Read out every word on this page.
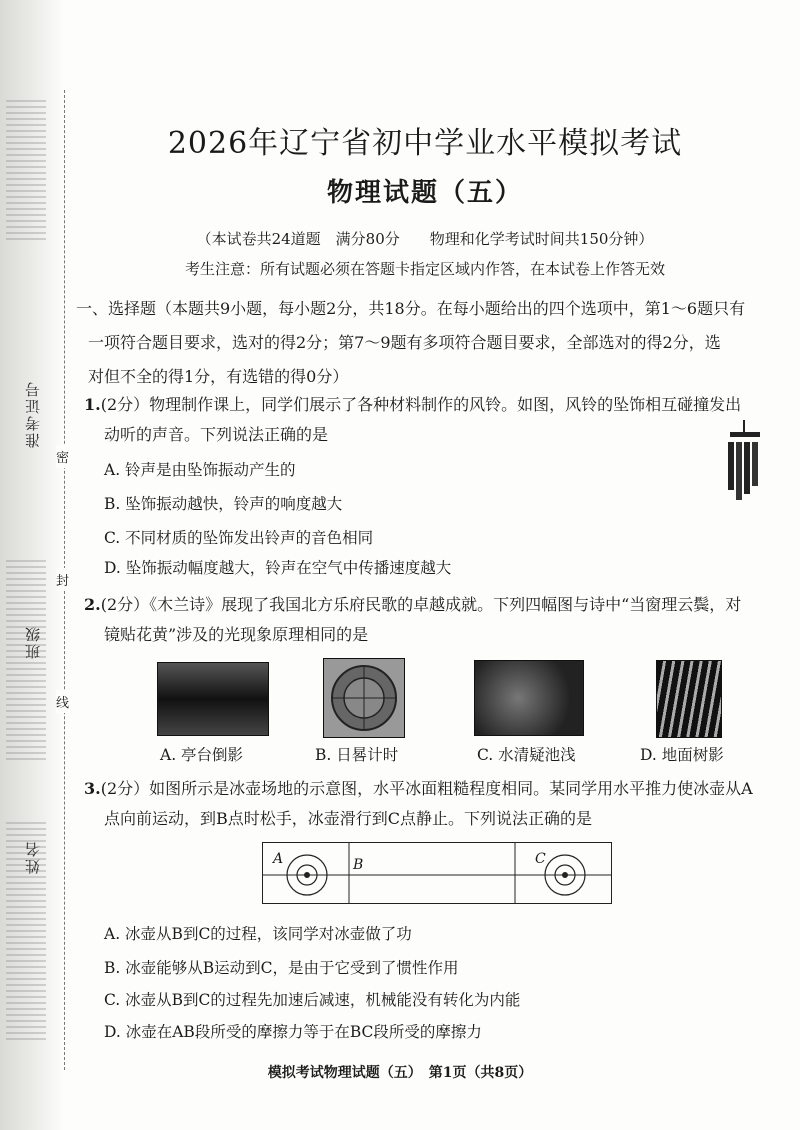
准考证号
班级
姓名
密
封
线
2026年辽宁省初中学业水平模拟考试
物理试题（五）
（本试卷共24道题　满分80分　　物理和化学考试时间共150分钟）
考生注意：所有试题必须在答题卡指定区域内作答，在本试卷上作答无效
一、选择题（本题共9小题，每小题2分，共18分。在每小题给出的四个选项中，第1～6题只有
一项符合题目要求，选对的得2分；第7～9题有多项符合题目要求，全部选对的得2分，选
对但不全的得1分，有选错的得0分）
1.(2分）物理制作课上，同学们展示了各种材料制作的风铃。如图，风铃的坠饰相互碰撞发出
动听的声音。下列说法正确的是
A. 铃声是由坠饰振动产生的
B. 坠饰振动越快，铃声的响度越大
C. 不同材质的坠饰发出铃声的音色相同
D. 坠饰振动幅度越大，铃声在空气中传播速度越大
2.(2分）《木兰诗》展现了我国北方乐府民歌的卓越成就。下列四幅图与诗中“当窗理云鬓，对
镜贴花黄”涉及的光现象原理相同的是
A. 亭台倒影	B. 日晷计时	C. 水清疑池浅	D. 地面树影
3.(2分）如图所示是冰壶场地的示意图，水平冰面粗糙程度相同。某同学用水平推力使冰壶从A
点向前运动，到B点时松手，冰壶滑行到C点静止。下列说法正确的是
A	B	C
A. 冰壶从B到C的过程，该同学对冰壶做了功
B. 冰壶能够从B运动到C，是由于它受到了惯性作用
C. 冰壶从B到C的过程先加速后减速，机械能没有转化为内能
D. 冰壶在AB段所受的摩擦力等于在BC段所受的摩擦力
模拟考试物理试题（五）　第1页（共8页）
